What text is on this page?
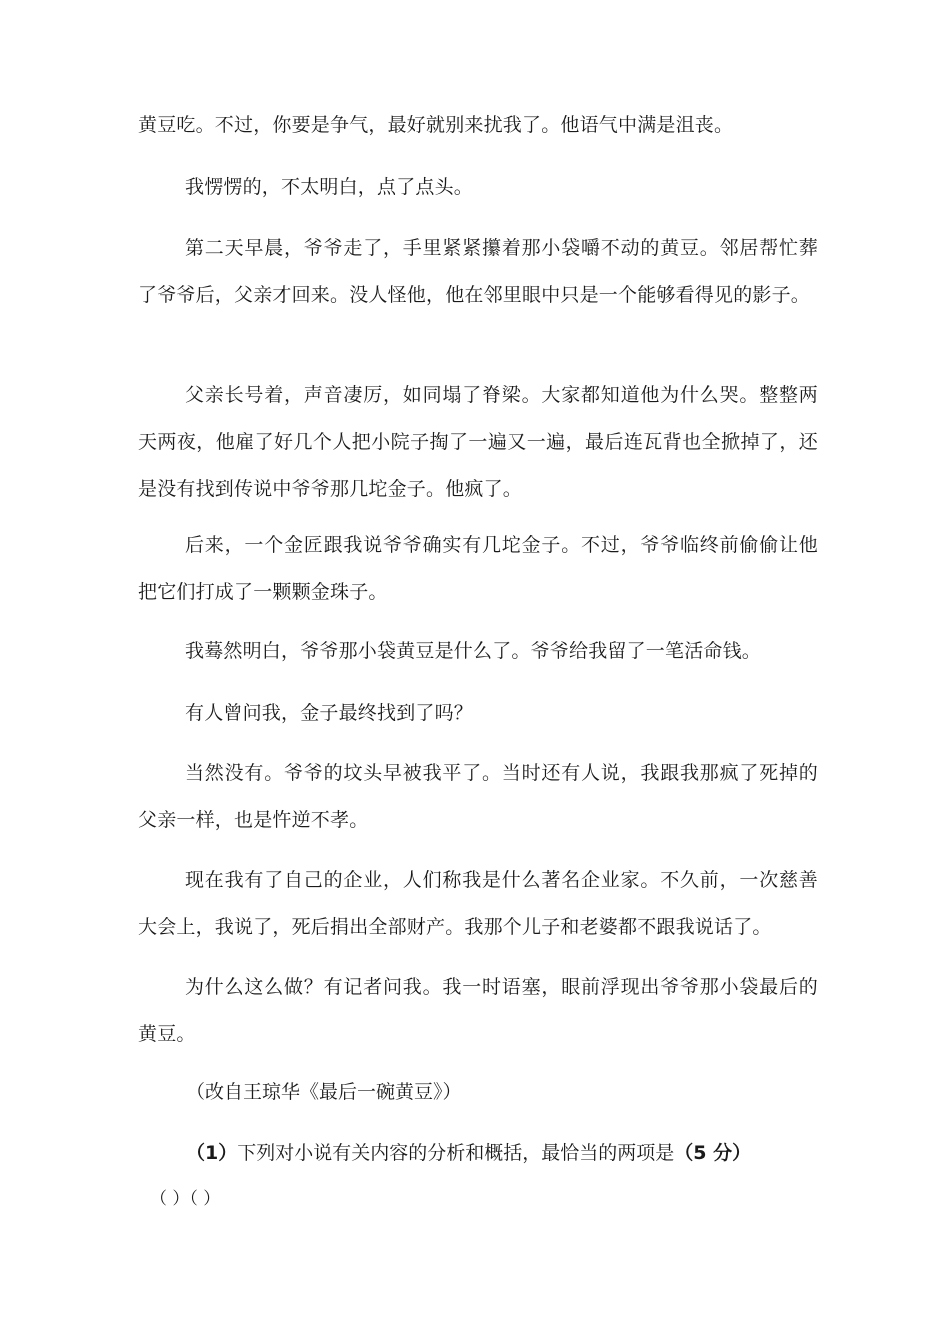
黄豆吃。不过，你要是争气，最好就别来扰我了。他语气中满是沮丧。

我愣愣的，不太明白，点了点头。

第二天早晨，爷爷走了，手里紧紧攥着那小袋嚼不动的黄豆。邻居帮忙葬了爷爷后，父亲才回来。没人怪他，他在邻里眼中只是一个能够看得见的影子。

父亲长号着，声音凄厉，如同塌了脊梁。大家都知道他为什么哭。整整两天两夜，他雇了好几个人把小院子掏了一遍又一遍，最后连瓦背也全掀掉了，还是没有找到传说中爷爷那几坨金子。他疯了。

后来，一个金匠跟我说爷爷确实有几坨金子。不过，爷爷临终前偷偷让他把它们打成了一颗颗金珠子。

我蓦然明白，爷爷那小袋黄豆是什么了。爷爷给我留了一笔活命钱。

有人曾问我，金子最终找到了吗？

当然没有。爷爷的坟头早被我平了。当时还有人说，我跟我那疯了死掉的父亲一样，也是忤逆不孝。

现在我有了自己的企业，人们称我是什么著名企业家。不久前，一次慈善大会上，我说了，死后捐出全部财产。我那个儿子和老婆都不跟我说话了。

为什么这么做？有记者问我。我一时语塞，眼前浮现出爷爷那小袋最后的黄豆。

（改自王琼华《最后一碗黄豆》）

（1）下列对小说有关内容的分析和概括，最恰当的两项是（5 分）

（ ）（ ）
